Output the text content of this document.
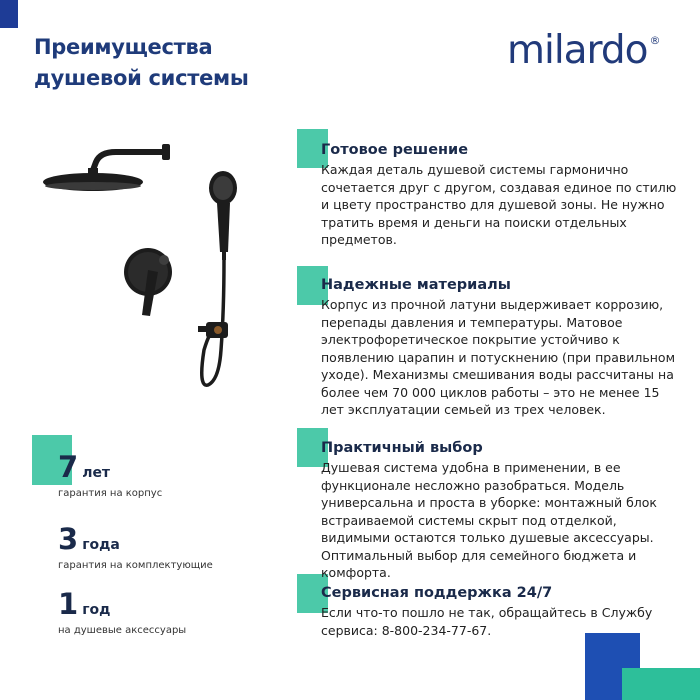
Преимущества
душевой системы
milardo ®
Готовое решение
Каждая деталь душевой системы гармонично сочетается друг с другом, создавая единое по стилю и цвету пространство для душевой зоны. Не нужно тратить время и деньги на поиски отдельных предметов.
Надежные материалы
Корпус из прочной латуни выдерживает коррозию, перепады давления и температуры. Матовое электрофоретическое покрытие устойчиво к появлению царапин и потускнению (при правильном уходе). Механизмы смешивания воды рассчитаны на более чем 70 000 циклов работы – это не менее 15 лет эксплуатации семьей из трех человек.
Практичный выбор
Душевая система удобна в применении, в ее функционале несложно разобраться. Модель универсальна и проста в уборке: монтажный блок встраиваемой системы скрыт под отделкой, видимыми остаются только душевые аксессуары. Оптимальный выбор для семейного бюджета и комфорта.
Сервисная поддержка 24/7
Если что-то пошло не так, обращайтесь в Службу сервиса: 8-800-234-77-67.
7 лет
гарантия на корпус
3 года
гарантия на комплектующие
1 год
на душевые аксессуары
